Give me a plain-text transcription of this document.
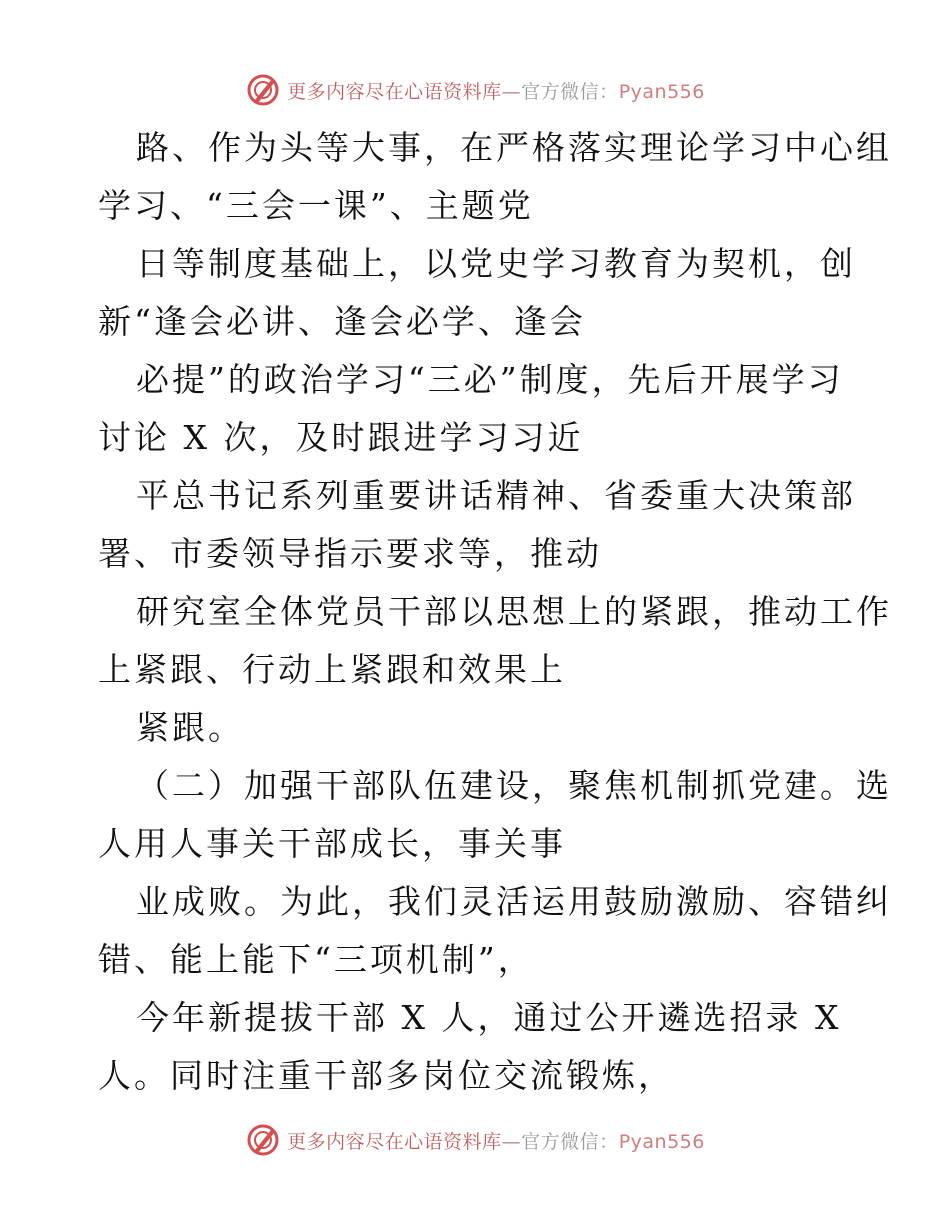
更多内容尽在心语资料库—官方微信：Pyan556
路、作为头等大事，在严格落实理论学习中心组
学习、“三会一课”、主题党
日等制度基础上，以党史学习教育为契机，创
新“逢会必讲、逢会必学、逢会
必提”的政治学习“三必”制度，先后开展学习
讨论 X 次，及时跟进学习习近
平总书记系列重要讲话精神、省委重大决策部
署、市委领导指示要求等，推动
研究室全体党员干部以思想上的紧跟，推动工作
上紧跟、行动上紧跟和效果上
紧跟。
（二）加强干部队伍建设，聚焦机制抓党建。选
人用人事关干部成长，事关事
业成败。为此，我们灵活运用鼓励激励、容错纠
错、能上能下“三项机制”，
今年新提拔干部 X 人，通过公开遴选招录 X
人。同时注重干部多岗位交流锻炼，
更多内容尽在心语资料库—官方微信：Pyan556
